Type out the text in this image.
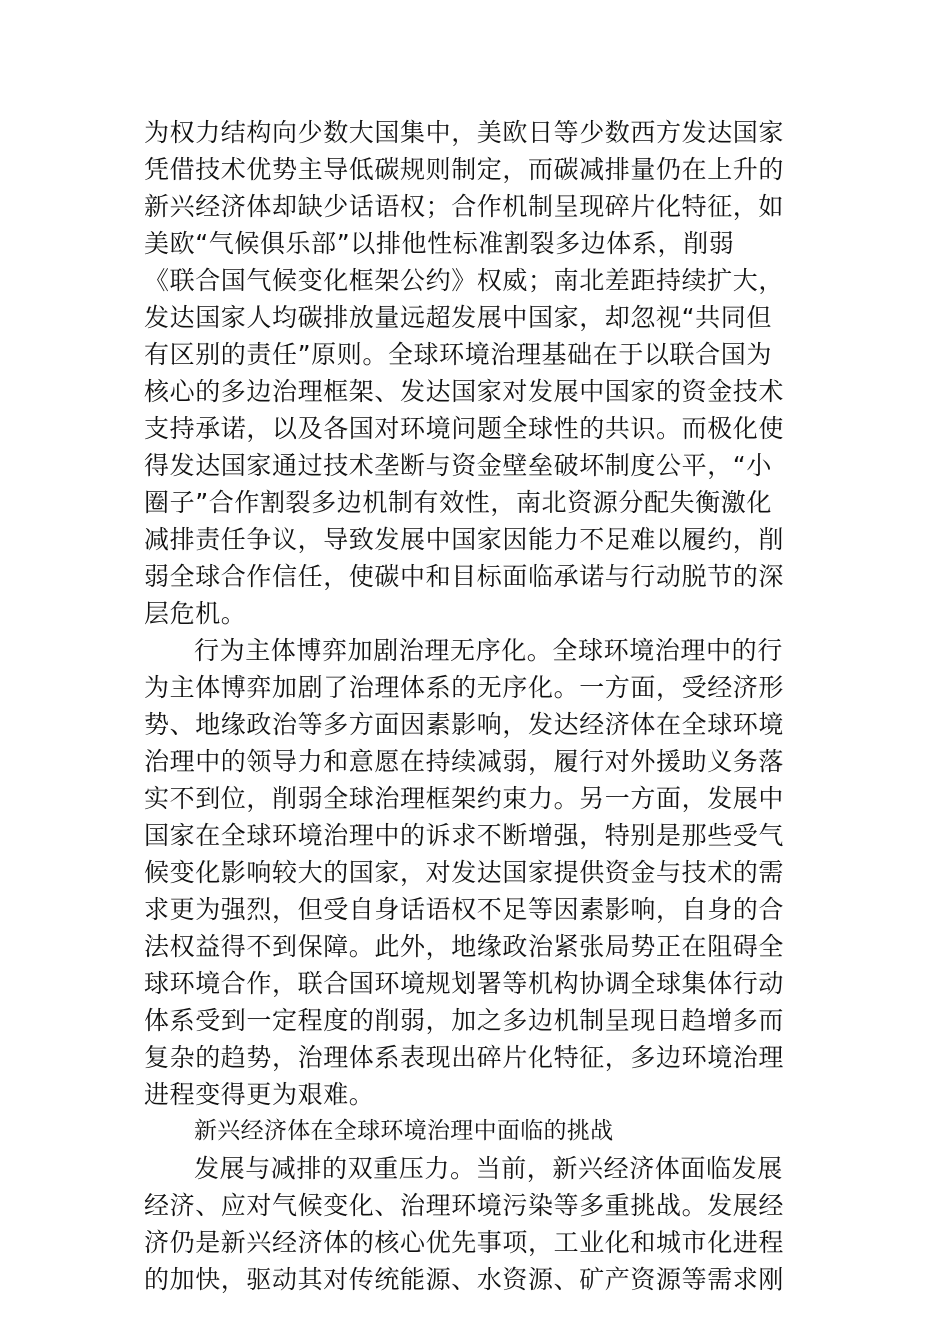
为权力结构向少数大国集中，美欧日等少数西方发达国家
凭借技术优势主导低碳规则制定，而碳减排量仍在上升的
新兴经济体却缺少话语权；合作机制呈现碎片化特征，如
美欧“气候俱乐部”以排他性标准割裂多边体系，削弱
《联合国气候变化框架公约》权威；南北差距持续扩大，
发达国家人均碳排放量远超发展中国家，却忽视“共同但
有区别的责任”原则。全球环境治理基础在于以联合国为
核心的多边治理框架、发达国家对发展中国家的资金技术
支持承诺，以及各国对环境问题全球性的共识。而极化使
得发达国家通过技术垄断与资金壁垒破坏制度公平，“小
圈子”合作割裂多边机制有效性，南北资源分配失衡激化
减排责任争议，导致发展中国家因能力不足难以履约，削
弱全球合作信任，使碳中和目标面临承诺与行动脱节的深
层危机。
行为主体博弈加剧治理无序化。全球环境治理中的行
为主体博弈加剧了治理体系的无序化。一方面，受经济形
势、地缘政治等多方面因素影响，发达经济体在全球环境
治理中的领导力和意愿在持续减弱，履行对外援助义务落
实不到位，削弱全球治理框架约束力。另一方面，发展中
国家在全球环境治理中的诉求不断增强，特别是那些受气
候变化影响较大的国家，对发达国家提供资金与技术的需
求更为强烈，但受自身话语权不足等因素影响，自身的合
法权益得不到保障。此外，地缘政治紧张局势正在阻碍全
球环境合作，联合国环境规划署等机构协调全球集体行动
体系受到一定程度的削弱，加之多边机制呈现日趋增多而
复杂的趋势，治理体系表现出碎片化特征，多边环境治理
进程变得更为艰难。
新兴经济体在全球环境治理中面临的挑战
发展与减排的双重压力。当前，新兴经济体面临发展
经济、应对气候变化、治理环境污染等多重挑战。发展经
济仍是新兴经济体的核心优先事项，工业化和城市化进程
的加快，驱动其对传统能源、水资源、矿产资源等需求刚
